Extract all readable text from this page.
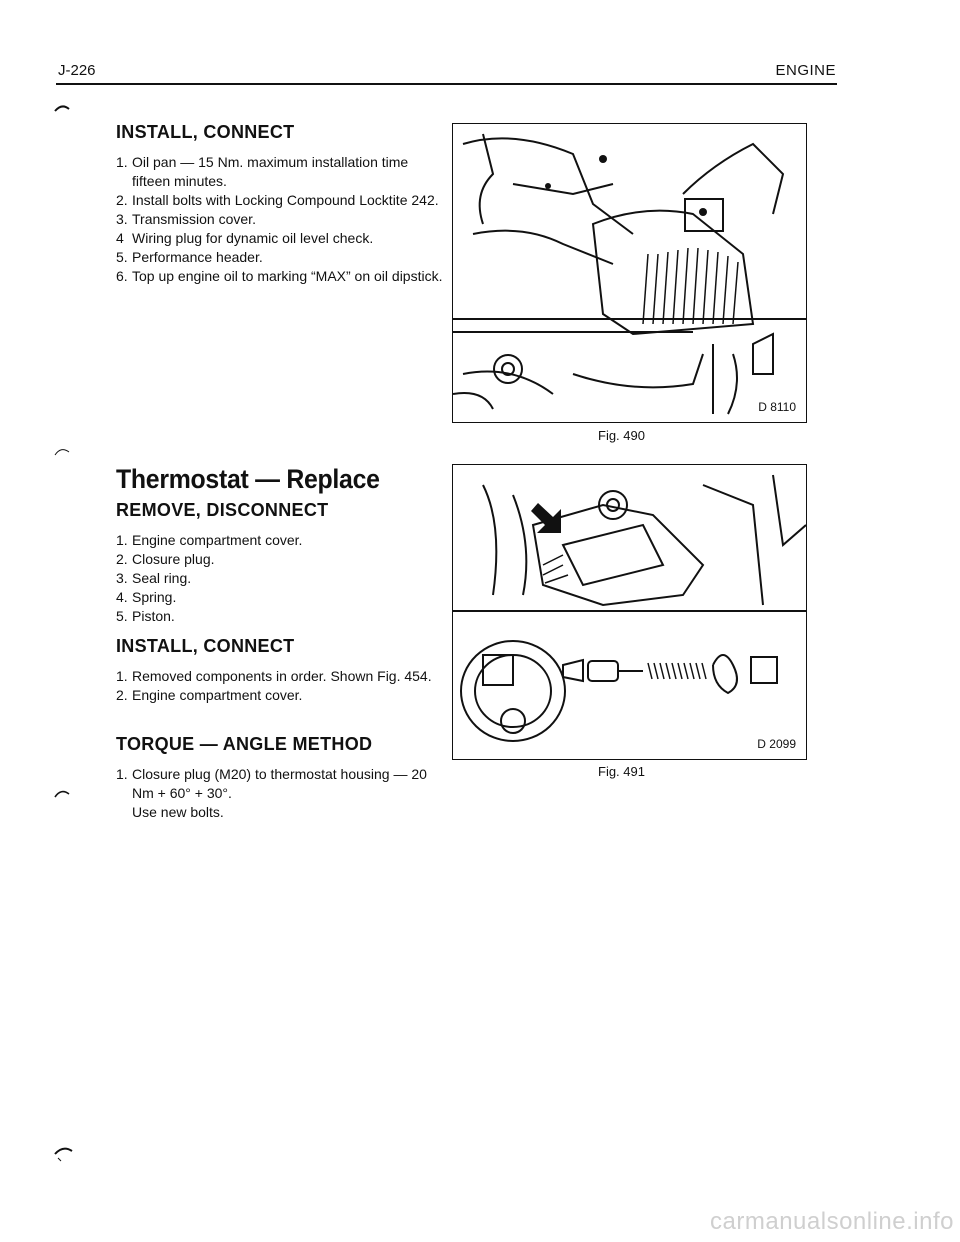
J-226	ENGINE
INSTALL, CONNECT
1. Oil pan — 15 Nm. maximum installation time fifteen minutes.
2. Install bolts with Locking Compound Locktite 242.
3. Transmission cover.
4 Wiring plug for dynamic oil level check.
5. Performance header.
6. Top up engine oil to marking “MAX” on oil dipstick.
Thermostat — Replace
REMOVE, DISCONNECT
1. Engine compartment cover.
2. Closure plug.
3. Seal ring.
4. Spring.
5. Piston.
INSTALL, CONNECT
1. Removed components in order. Shown Fig. 454.
2. Engine compartment cover.
TORQUE — ANGLE METHOD
1. Closure plug (M20) to thermostat housing — 20 Nm + 60° + 30°.
Use new bolts.
D 8110
Fig. 490
D 2099
Fig. 491
carmanualsonline.info
